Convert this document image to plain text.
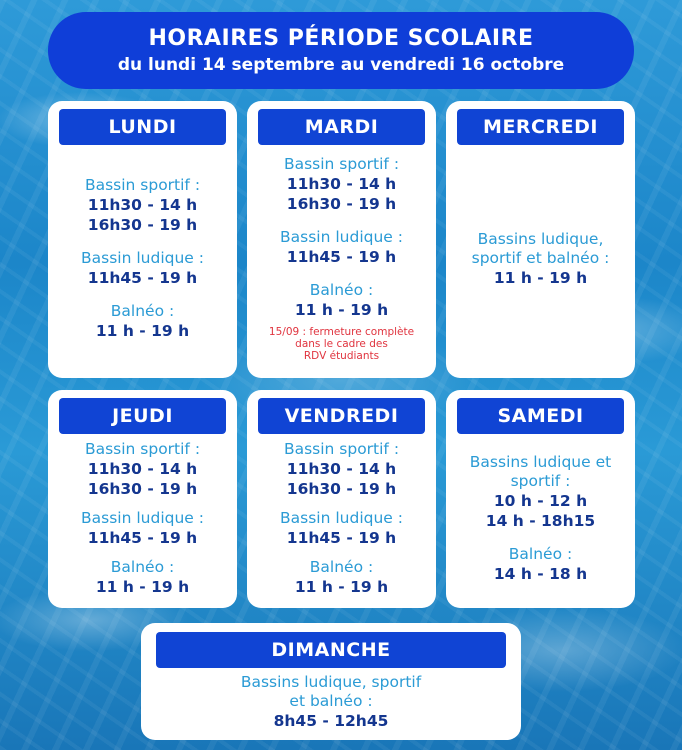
HORAIRES PÉRIODE SCOLAIRE
du lundi 14 septembre au vendredi 16 octobre
LUNDI
Bassin sportif :
11h30 - 14 h
16h30 - 19 h
Bassin ludique :
11h45 - 19 h
Balnéo :
11 h - 19 h
MARDI
Bassin sportif :
11h30 - 14 h
16h30 - 19 h
Bassin ludique :
11h45 - 19 h
Balnéo :
11 h - 19 h
15/09 : fermeture complète
dans le cadre des
RDV étudiants
MERCREDI
Bassins ludique,
sportif et balnéo :
11 h - 19 h
JEUDI
Bassin sportif :
11h30 - 14 h
16h30 - 19 h
Bassin ludique :
11h45 - 19 h
Balnéo :
11 h - 19 h
VENDREDI
Bassin sportif :
11h30 - 14 h
16h30 - 19 h
Bassin ludique :
11h45 - 19 h
Balnéo :
11 h - 19 h
SAMEDI
Bassins ludique et
sportif :
10 h - 12 h
14 h - 18h15
Balnéo :
14 h - 18 h
DIMANCHE
Bassins ludique, sportif
et balnéo :
8h45 - 12h45
